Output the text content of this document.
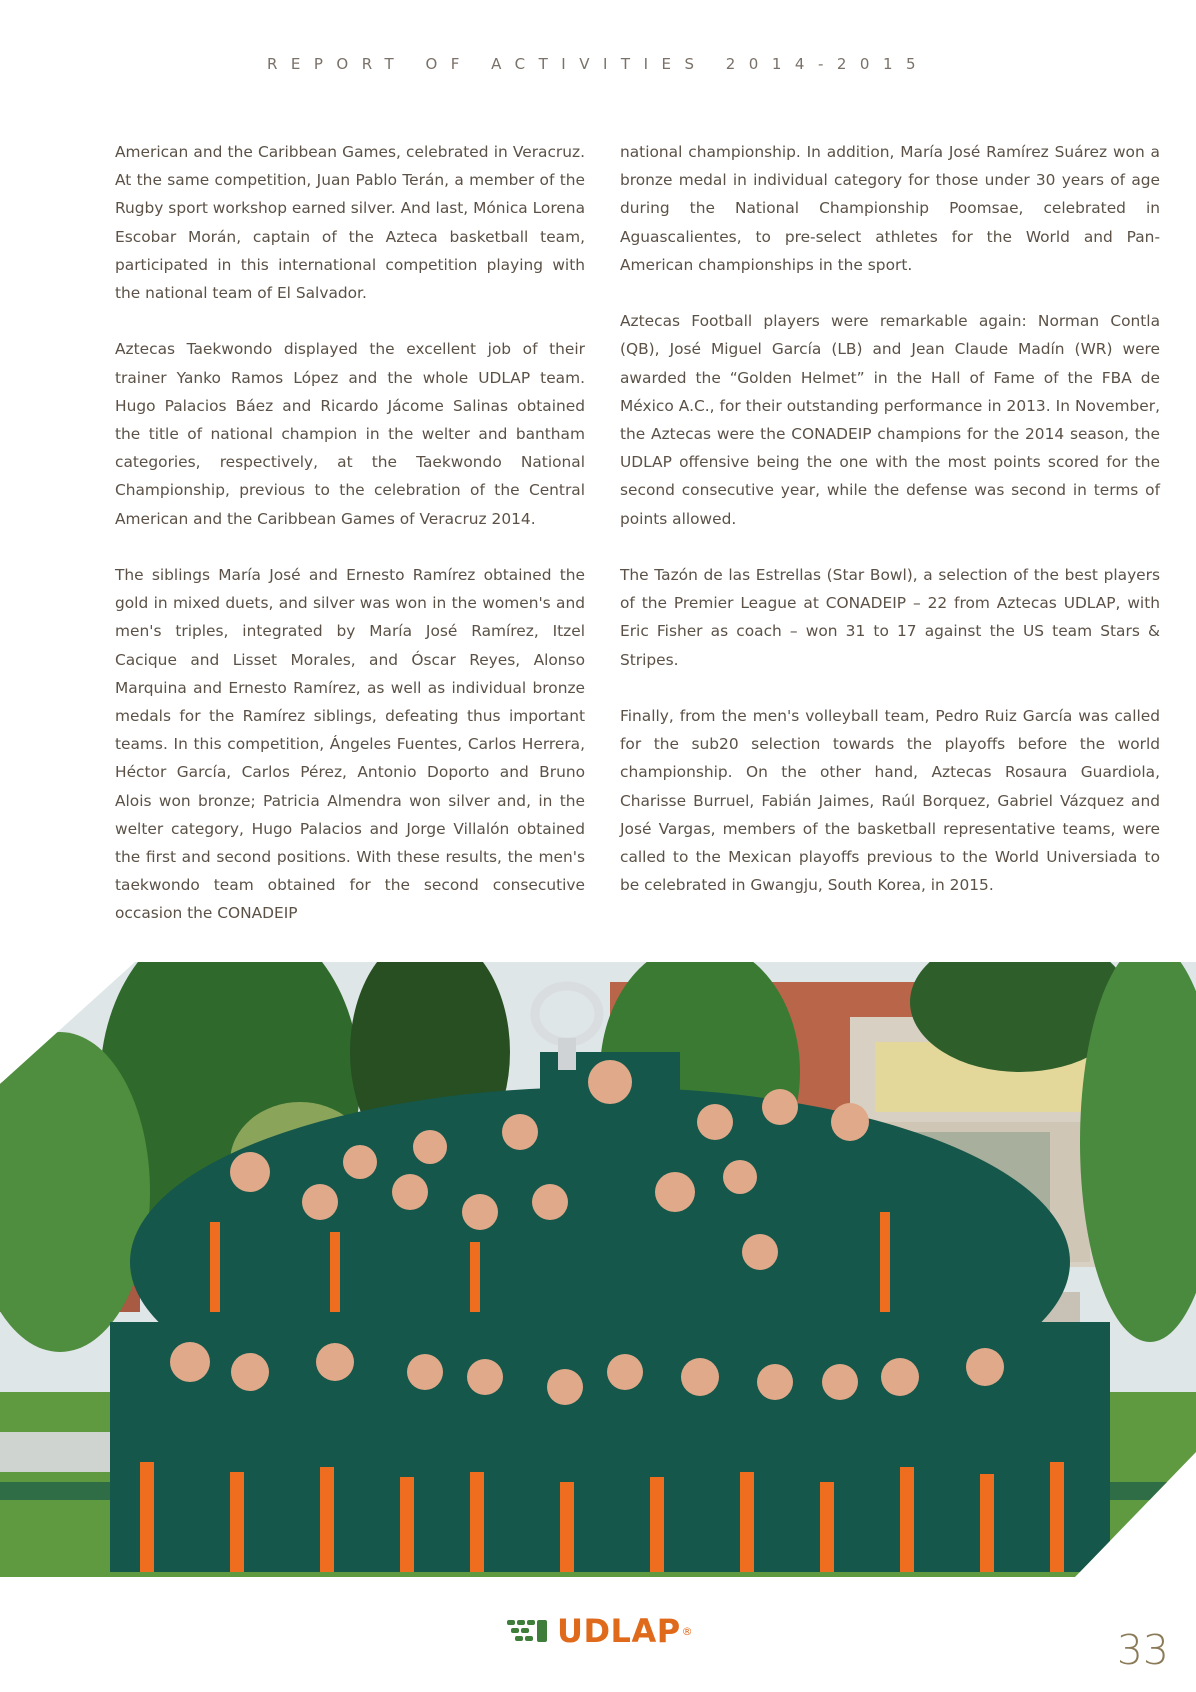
REPORT OF ACTIVITIES 2014-2015

American and the Caribbean Games, celebrated in Veracruz. At the same competition, Juan Pablo Terán, a member of the Rugby sport workshop earned silver. And last, Mónica Lorena Escobar Morán, captain of the Azteca basketball team, participated in this international competition playing with the national team of El Salvador.

Aztecas Taekwondo displayed the excellent job of their trainer Yanko Ramos López and the whole UDLAP team. Hugo Palacios Báez and Ricardo Jácome Salinas obtained the title of national champion in the welter and bantham categories, respectively, at the Taekwondo National Championship, previous to the celebration of the Central American and the Caribbean Games of Veracruz 2014.

The siblings María José and Ernesto Ramírez obtained the gold in mixed duets, and silver was won in the women's and men's triples, integrated by María José Ramírez, Itzel Cacique and Lisset Morales, and Óscar Reyes, Alonso Marquina and Ernesto Ramírez, as well as individual bronze medals for the Ramírez siblings, defeating thus important teams. In this competition, Ángeles Fuentes, Carlos Herrera, Héctor García, Carlos Pérez, Antonio Doporto and Bruno Alois won bronze; Patricia Almendra won silver and, in the welter category, Hugo Palacios and Jorge Villalón obtained the first and second positions. With these results, the men's taekwondo team obtained for the second consecutive occasion the CONADEIP

national championship. In addition, María José Ramírez Suárez won a bronze medal in individual category for those under 30 years of age during the National Championship Poomsae, celebrated in Aguascalientes, to pre-select athletes for the World and Pan-American championships in the sport.

Aztecas Football players were remarkable again: Norman Contla (QB), José Miguel García (LB) and Jean Claude Madín (WR) were awarded the “Golden Helmet” in the Hall of Fame of the FBA de México A.C., for their outstanding performance in 2013. In November, the Aztecas were the CONADEIP champions for the 2014 season, the UDLAP offensive being the one with the most points scored for the second consecutive year, while the defense was second in terms of points allowed.

The Tazón de las Estrellas (Star Bowl), a selection of the best players of the Premier League at CONADEIP – 22 from Aztecas UDLAP, with Eric Fisher as coach – won 31 to 17 against the US team Stars & Stripes.

Finally, from the men's volleyball team, Pedro Ruiz García was called for the sub20 selection towards the playoffs before the world championship. On the other hand, Aztecas Rosaura Guardiola, Charisse Burruel, Fabián Jaimes, Raúl Borquez, Gabriel Vázquez and José Vargas, members of the basketball representative teams, were called to the Mexican playoffs previous to the World Universiada to be celebrated in Gwangju, South Korea, in 2015.

UDLAP ®	33
